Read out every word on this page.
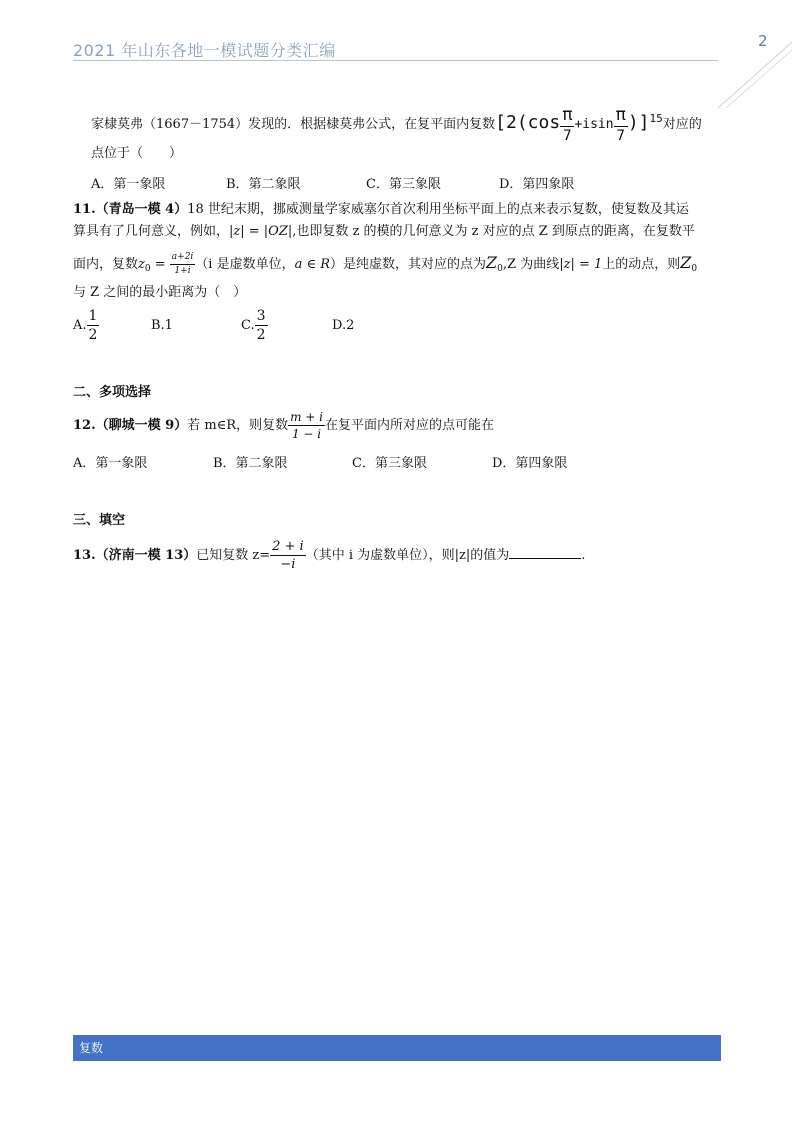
2021 年山东各地一模试题分类汇编	2
家棣莫弗（1667－1754）发现的．根据棣莫弗公式，在复平面内复数$[2(\cos \frac{\pi}{7} +isin \frac{\pi}{7} )]^{15}$对应的
点位于（　　）
A．第一象限	B．第二象限	C．第三象限	D．第四象限
11.（青岛一模 4）18 世纪末期，挪威测量学家威塞尔首次利用坐标平面上的点来表示复数，使复数及其运
算具有了几何意义，例如，|z| = |OZ|,也即复数 z 的模的几何意义为 z 对应的点 Z 到原点的距离，在复数平
面内，复数$z_0 = \frac{a+2i}{1+i} (i$ 是虚数单位，a ∈ R）是纯虚数，其对应的点为$Z_0,Z$ 为曲线|z| = 1上的动点，则$Z_0$
与 Z 之间的最小距离为（　）
A. $\frac{1}{2}$	B.1	C. $\frac{3}{2}$	D.2
二、多项选择
12.（聊城一模 9）若 m∈R，则复数 $\frac{m + i}{1 - i}$ 在复平面内所对应的点可能在
A．第一象限	B．第二象限	C．第三象限	D．第四象限
三、填空
13.（济南一模 13）已知复数 $z= \frac{2 + i}{-i}$ （其中 i 为虚数单位），则|z|的值为	.
复数
